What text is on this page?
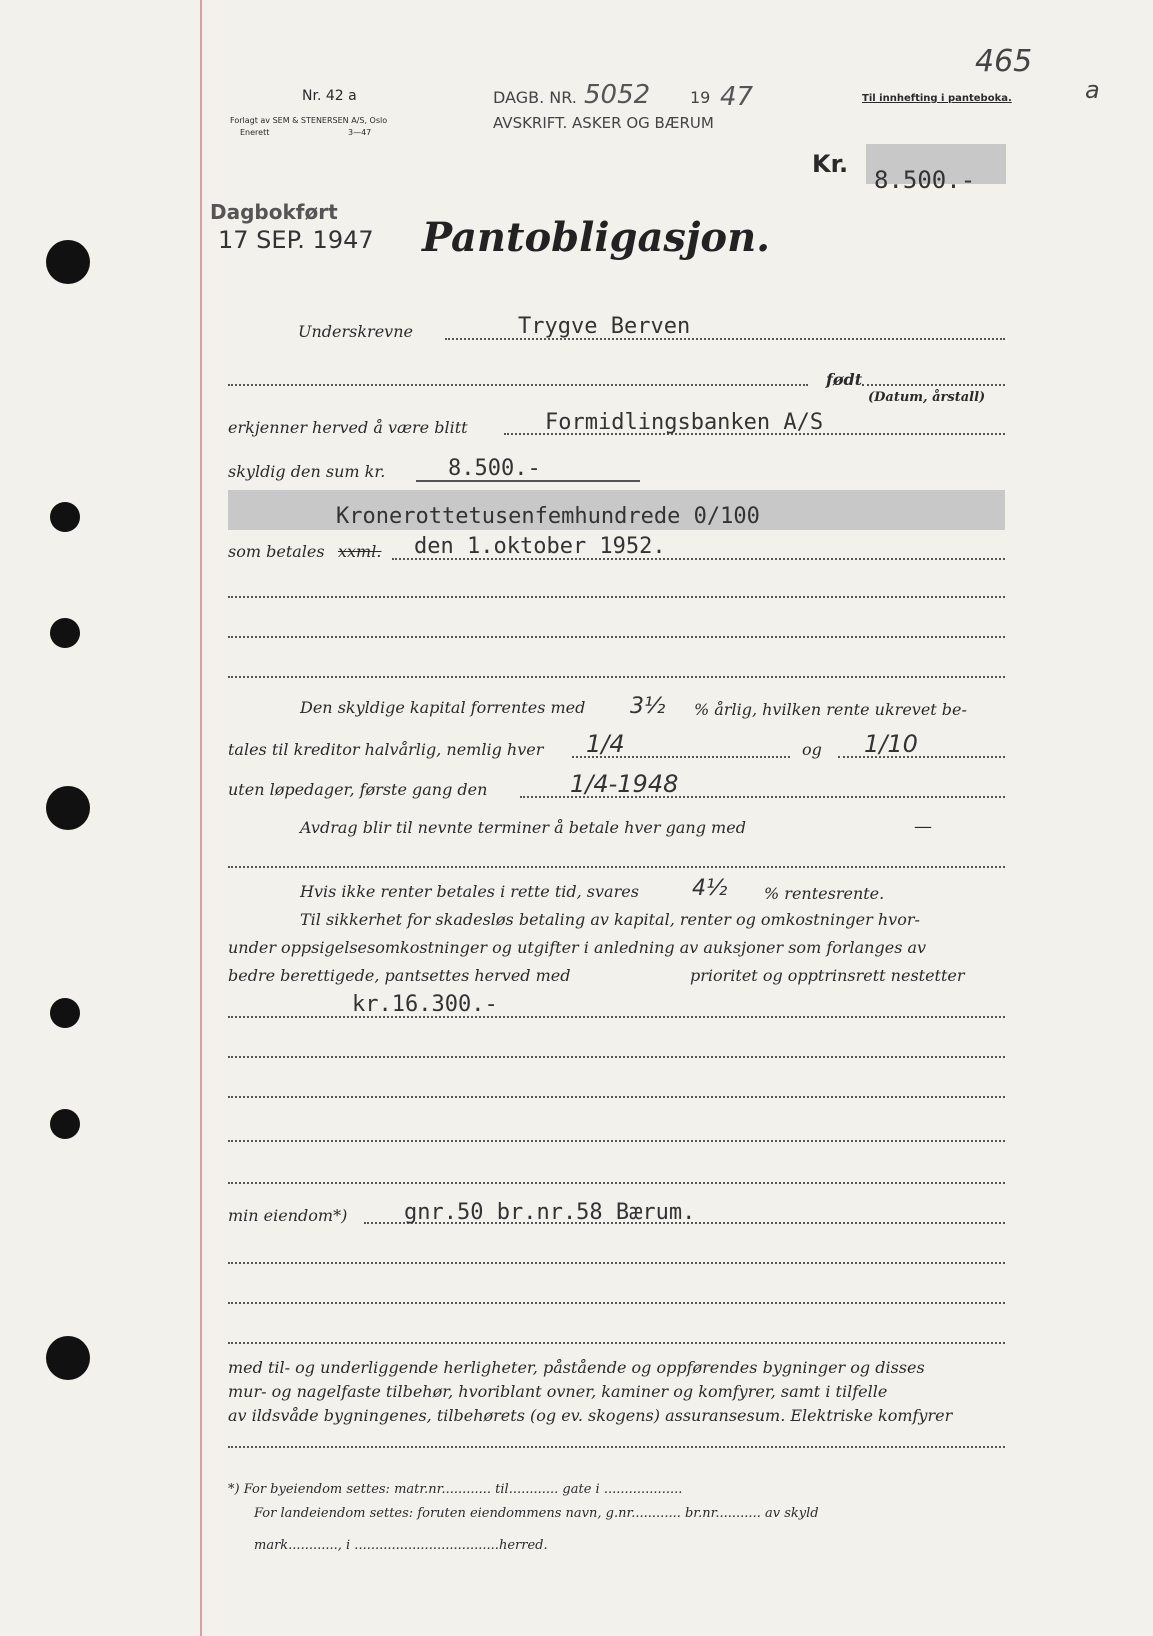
Nr. 42 a
Forlagt av SEM & STENERSEN A/S, Oslo
Enerett	3—47
DAGB. NR. 5052 19 47
AVSKRIFT. ASKER OG BÆRUM
Til innhefting i panteboka.
465
a
Kr.
8.500.-
Dagbokført
17 SEP. 1947 Pantobligasjon.
Underskrevne	Trygve Berven
født
(Datum, årstall)
erkjenner herved å være blitt	Formidlingsbanken A/S
skyldig den sum kr.	8.500.-
Kronerottetusenfemhundrede 0/100
som betales xxml. den 1.oktober 1952.
Den skyldige kapital forrentes med 3½ % årlig, hvilken rente ukrevet be-
tales til kreditor halvårlig, nemlig hver 1/4	og 1/10
uten løpedager, første gang den	1/4-1948
Avdrag blir til nevnte terminer å betale hver gang med	—
Hvis ikke renter betales i rette tid, svares 4½ % rentesrente.
Til sikkerhet for skadesløs betaling av kapital, renter og omkostninger hvor-
under oppsigelsesomkostninger og utgifter i anledning av auksjoner som forlanges av
bedre berettigede, pantsettes herved med	prioritet og opptrinsrett nestetter
kr.16.300.-
min eiendom*)	gnr.50 br.nr.58 Bærum.
med til- og underliggende herligheter, påstående og oppførendes bygninger og disses
mur- og nagelfaste tilbehør, hvoriblant ovner, kaminer og komfyrer, samt i tilfelle
av ildsvåde bygningenes, tilbehørets (og ev. skogens) assuransesum. Elektriske komfyrer
*) For byeiendom settes: matr.nr............ til............ gate i ...................
For landeiendom settes: foruten eiendommens navn, g.nr............ br.nr........... av skyld
mark............, i ...................................herred.
